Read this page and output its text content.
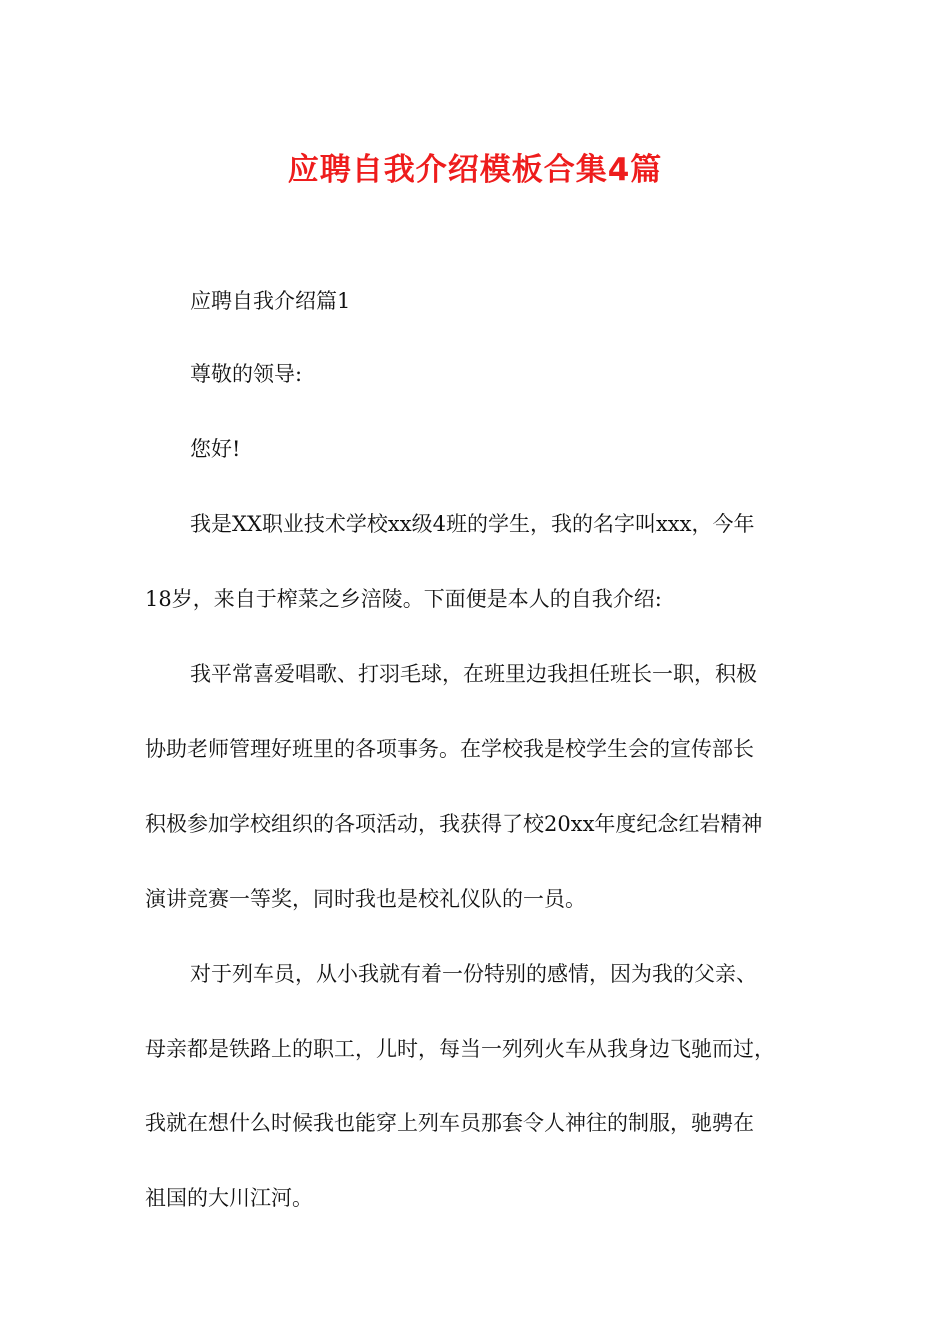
应聘自我介绍模板合集4篇
应聘自我介绍篇1
尊敬的领导:
您好!
我是XX职业技术学校xx级4班的学生，我的名字叫xxx，今年
18岁，来自于榨菜之乡涪陵。下面便是本人的自我介绍:
我平常喜爱唱歌、打羽毛球，在班里边我担任班长一职，积极
协助老师管理好班里的各项事务。在学校我是校学生会的宣传部长
积极参加学校组织的各项活动，我获得了校20xx年度纪念红岩精神
演讲竞赛一等奖，同时我也是校礼仪队的一员。
对于列车员，从小我就有着一份特别的感情，因为我的父亲、
母亲都是铁路上的职工，儿时，每当一列列火车从我身边飞驰而过，
我就在想什么时候我也能穿上列车员那套令人神往的制服，驰骋在
祖国的大川江河。
